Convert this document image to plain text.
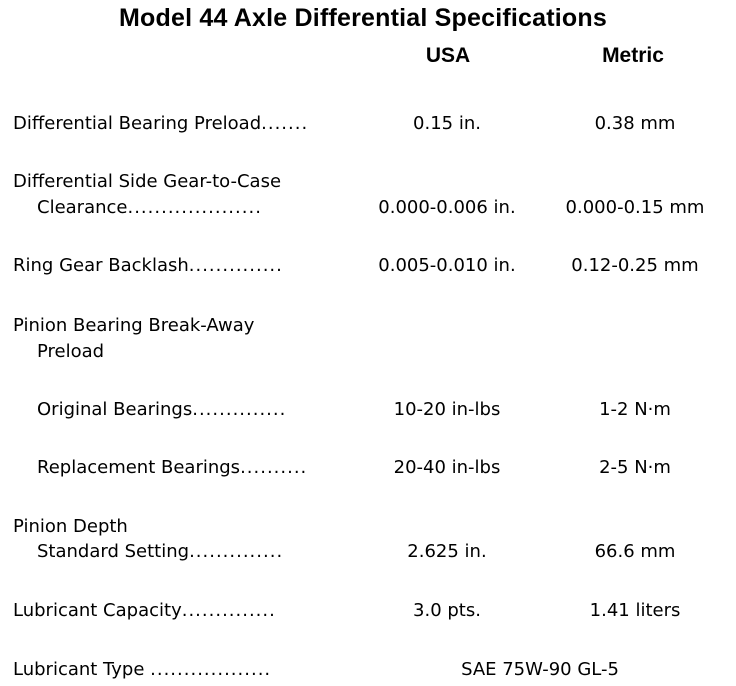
Model 44 Axle Differential Specifications
USA	Metric
Differential Bearing Preload.......	0.15 in.	0.38 mm
Differential Side Gear-to-Case
Clearance....................	0.000-0.006 in.	0.000-0.15 mm
Ring Gear Backlash..............	0.005-0.010 in.	0.12-0.25 mm
Pinion Bearing Break-Away
Preload
Original Bearings..............	10-20 in-lbs	1-2 N·m
Replacement Bearings..........	20-40 in-lbs	2-5 N·m
Pinion Depth
Standard Setting..............	2.625 in.	66.6 mm
Lubricant Capacity..............	3.0 pts.	1.41 liters
Lubricant Type ..................	SAE 75W-90 GL-5
